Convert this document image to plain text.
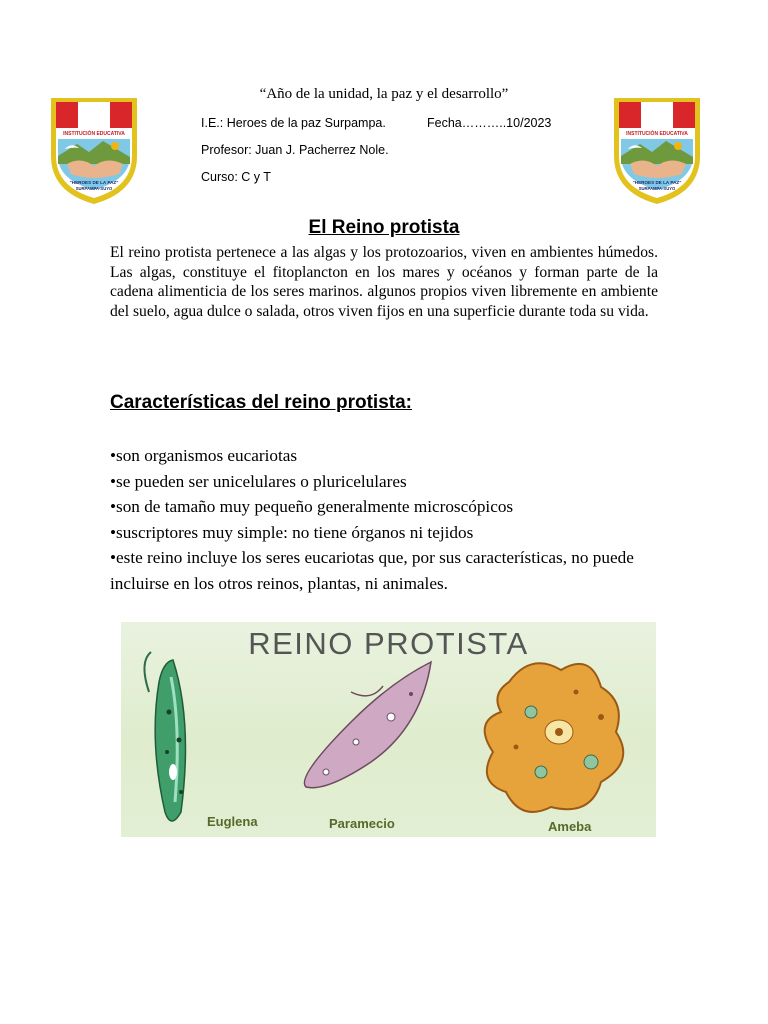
“Año de la unidad, la paz y el desarrollo”
I.E.: Heroes de la paz Surpampa.	Fecha………..10/2023
Profesor: Juan J. Pacherrez Nole.
Curso: C y T
INSTITUCIÓN EDUCATIVA
"HEROES DE LA PAZ"
SURPAMPA-SUYO
INSTITUCIÓN EDUCATIVA
"HEROES DE LA PAZ"
SURPAMPA-SUYO
El Reino protista
El reino protista pertenece a las algas y los protozoarios, viven en ambientes húmedos. Las algas, constituye el fitoplancton en los mares y océanos y forman parte de la cadena alimenticia de los seres marinos. algunos propios viven libremente en ambiente del suelo, agua dulce o salada, otros viven fijos en una superficie durante toda su vida.
Características del reino protista:
•son organismos eucariotas
•se pueden ser unicelulares o pluricelulares
•son de tamaño muy pequeño generalmente microscópicos
•suscriptores muy simple: no tiene órganos ni tejidos
•este reino incluye los seres eucariotas que, por sus características, no puede incluirse en los otros reinos, plantas, ni animales.
REINO PROTISTA
Euglena	Paramecio	Ameba
